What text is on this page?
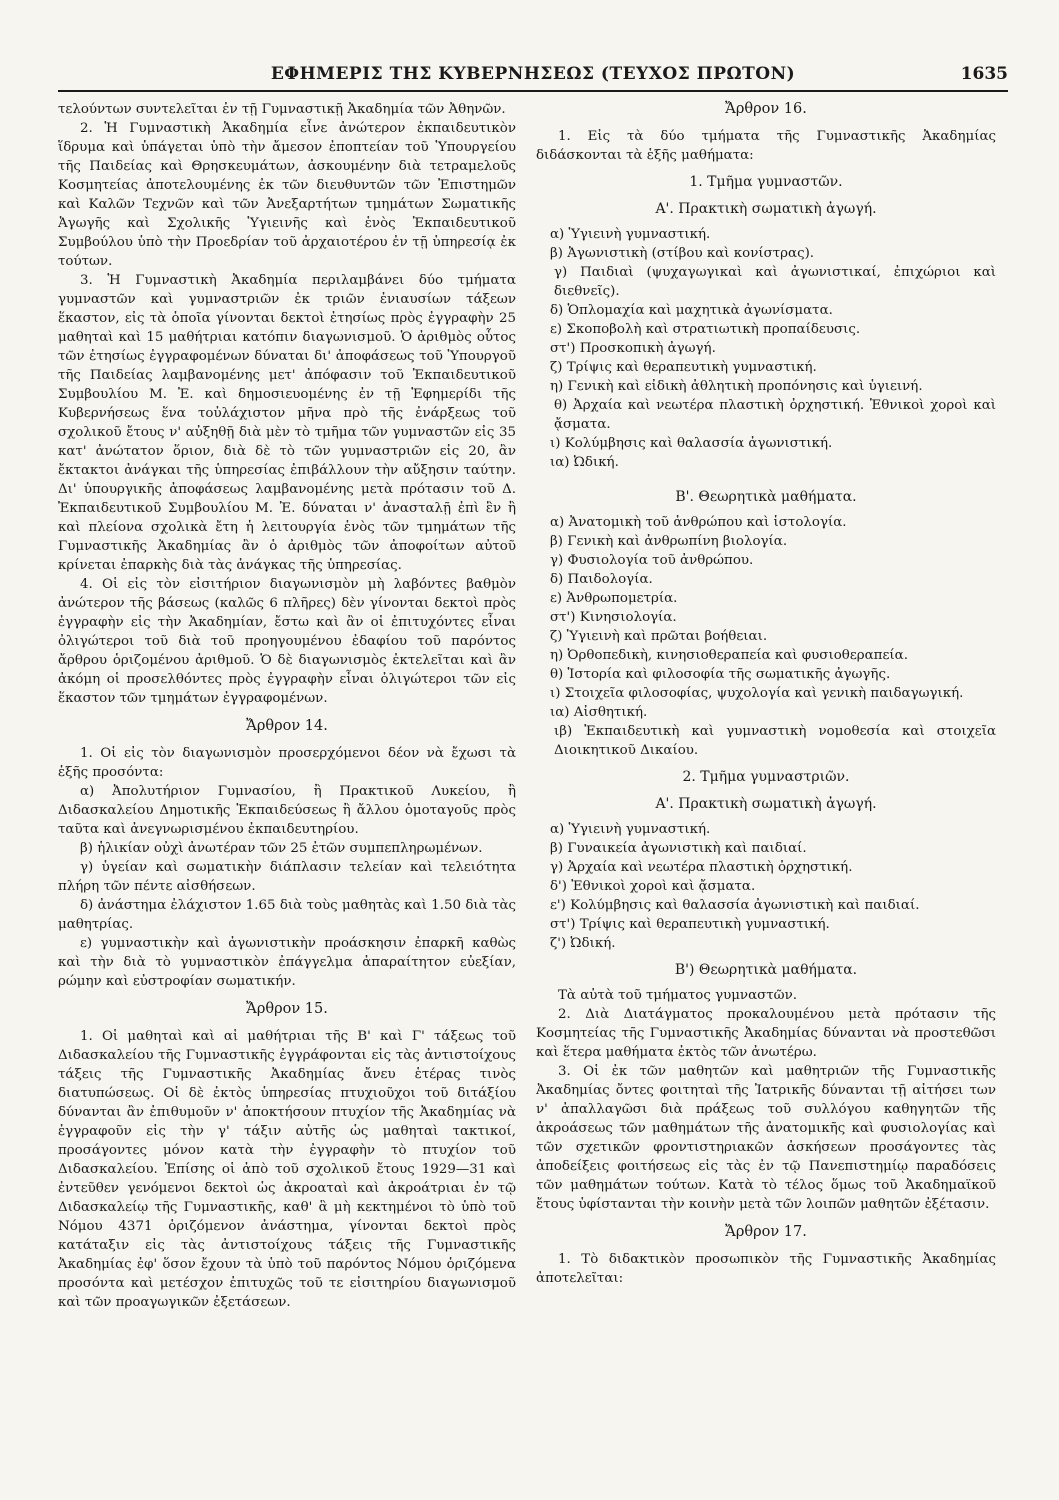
ΕΦΗΜΕΡΙΣ ΤΗΣ ΚΥΒΕΡΝΗΣΕΩΣ (ΤΕΥΧΟΣ ΠΡΩΤΟΝ)	1635

τελούντων συντελεῖται ἐν τῇ Γυμναστικῇ Ἀκαδημία τῶν Ἀθηνῶν.

2. Ἡ Γυμναστικὴ Ἀκαδημία εἶνε ἀνώτερον ἐκπαιδευτικὸν ἵδρυμα καὶ ὑπάγεται ὑπὸ τὴν ἄμεσον ἐποπτείαν τοῦ Ὑπουργείου τῆς Παιδείας καὶ Θρησκευμάτων, ἀσκουμένην διὰ τετραμελοῦς Κοσμητείας ἀποτελουμένης ἐκ τῶν διευθυντῶν τῶν Ἐπιστημῶν καὶ Καλῶν Τεχνῶν καὶ τῶν Ἀνεξαρτήτων τμημάτων Σωματικῆς Ἀγωγῆς καὶ Σχολικῆς Ὑγιεινῆς καὶ ἑνὸς Ἐκπαιδευτικοῦ Συμβούλου ὑπὸ τὴν Προεδρίαν τοῦ ἀρχαιοτέρου ἐν τῇ ὑπηρεσίᾳ ἐκ τούτων.

3. Ἡ Γυμναστικὴ Ἀκαδημία περιλαμβάνει δύο τμήματα γυμναστῶν καὶ γυμναστριῶν ἐκ τριῶν ἐνιαυσίων τάξεων ἕκαστον, εἰς τὰ ὁποῖα γίνονται δεκτοὶ ἐτησίως πρὸς ἐγγραφὴν 25 μαθηταὶ καὶ 15 μαθήτριαι κατόπιν διαγωνισμοῦ. Ὁ ἀριθμὸς οὗτος τῶν ἐτησίως ἐγγραφομένων δύναται δι' ἀποφάσεως τοῦ Ὑπουργοῦ τῆς Παιδείας λαμβανομένης μετ' ἀπόφασιν τοῦ Ἐκπαιδευτικοῦ Συμβουλίου Μ. Ἐ. καὶ δημοσιευομένης ἐν τῇ Ἐφημερίδι τῆς Κυβερνήσεως ἕνα τοὐλάχιστον μῆνα πρὸ τῆς ἐνάρξεως τοῦ σχολικοῦ ἔτους ν' αὐξηθῇ διὰ μὲν τὸ τμῆμα τῶν γυμναστῶν εἰς 35 κατ' ἀνώτατον ὅριον, διὰ δὲ τὸ τῶν γυμναστριῶν εἰς 20, ἂν ἔκτακτοι ἀνάγκαι τῆς ὑπηρεσίας ἐπιβάλλουν τὴν αὔξησιν ταύτην. Δι' ὑπουργικῆς ἀποφάσεως λαμβανομένης μετὰ πρότασιν τοῦ Δ. Ἐκπαιδευτικοῦ Συμβουλίου Μ. Ἐ. δύναται ν' ἀνασταλῇ ἐπὶ ἓν ἢ καὶ πλείονα σχολικὰ ἔτη ἡ λειτουργία ἑνὸς τῶν τμημάτων τῆς Γυμναστικῆς Ἀκαδημίας ἂν ὁ ἀριθμὸς τῶν ἀποφοίτων αὐτοῦ κρίνεται ἐπαρκὴς διὰ τὰς ἀνάγκας τῆς ὑπηρεσίας.

4. Οἱ εἰς τὸν εἰσιτήριον διαγωνισμὸν μὴ λαβόντες βαθμὸν ἀνώτερον τῆς βάσεως (καλῶς 6 πλῆρες) δὲν γίνονται δεκτοὶ πρὸς ἐγγραφὴν εἰς τὴν Ἀκαδημίαν, ἔστω καὶ ἂν οἱ ἐπιτυχόντες εἶναι ὀλιγώτεροι τοῦ διὰ τοῦ προηγουμένου ἐδαφίου τοῦ παρόντος ἄρθρου ὁριζομένου ἀριθμοῦ. Ὁ δὲ διαγωνισμὸς ἐκτελεῖται καὶ ἂν ἀκόμη οἱ προσελθόντες πρὸς ἐγγραφὴν εἶναι ὀλιγώτεροι τῶν εἰς ἕκαστον τῶν τμημάτων ἐγγραφομένων.

Ἄρθρον 14.

1. Οἱ εἰς τὸν διαγωνισμὸν προσερχόμενοι δέον νὰ ἔχωσι τὰ ἑξῆς προσόντα:

α) Ἀπολυτήριον Γυμνασίου, ἢ Πρακτικοῦ Λυκείου, ἢ Διδασκαλείου Δημοτικῆς Ἐκπαιδεύσεως ἢ ἄλλου ὁμοταγοῦς πρὸς ταῦτα καὶ ἀνεγνωρισμένου ἐκπαιδευτηρίου.

β) ἡλικίαν οὐχὶ ἀνωτέραν τῶν 25 ἐτῶν συμπεπληρωμένων.

γ) ὑγείαν καὶ σωματικὴν διάπλασιν τελείαν καὶ τελειότητα πλήρη τῶν πέντε αἰσθήσεων.

δ) ἀνάστημα ἐλάχιστον 1.65 διὰ τοὺς μαθητὰς καὶ 1.50 διὰ τὰς μαθητρίας.

ε) γυμναστικὴν καὶ ἀγωνιστικὴν προάσκησιν ἐπαρκῆ καθὼς καὶ τὴν διὰ τὸ γυμναστικὸν ἐπάγγελμα ἀπαραίτητον εὐεξίαν, ρώμην καὶ εὐστροφίαν σωματικήν.

Ἄρθρον 15.

1. Οἱ μαθηταὶ καὶ αἱ μαθήτριαι τῆς Β' καὶ Γ' τάξεως τοῦ Διδασκαλείου τῆς Γυμναστικῆς ἐγγράφονται εἰς τὰς ἀντιστοίχους τάξεις τῆς Γυμναστικῆς Ἀκαδημίας ἄνευ ἑτέρας τινὸς διατυπώσεως. Οἱ δὲ ἐκτὸς ὑπηρεσίας πτυχιοῦχοι τοῦ διτάξίου δύνανται ἂν ἐπιθυμοῦν ν' ἀποκτήσουν πτυχίον τῆς Ἀκαδημίας νὰ ἐγγραφοῦν εἰς τὴν γ' τάξιν αὐτῆς ὡς μαθηταὶ τακτικοί, προσάγοντες μόνον κατὰ τὴν ἐγγραφὴν τὸ πτυχίον τοῦ Διδασκαλείου. Ἐπίσης οἱ ἀπὸ τοῦ σχολικοῦ ἔτους 1929—31 καὶ ἐντεῦθεν γενόμενοι δεκτοὶ ὡς ἀκροαταὶ καὶ ἀκροάτριαι ἐν τῷ Διδασκαλείῳ τῆς Γυμναστικῆς, καθ' ἃ μὴ κεκτημένοι τὸ ὑπὸ τοῦ Νόμου 4371 ὁριζόμενον ἀνάστημα, γίνονται δεκτοὶ πρὸς κατάταξιν εἰς τὰς ἀντιστοίχους τάξεις τῆς Γυμναστικῆς Ἀκαδημίας ἐφ' ὅσον ἔχουν τὰ ὑπὸ τοῦ παρόντος Νόμου ὁριζόμενα προσόντα καὶ μετέσχον ἐπιτυχῶς τοῦ τε εἰσιτηρίου διαγωνισμοῦ καὶ τῶν προαγωγικῶν ἐξετάσεων.

Ἄρθρον 16.

1. Εἰς τὰ δύο τμήματα τῆς Γυμναστικῆς Ἀκαδημίας διδάσκονται τὰ ἑξῆς μαθήματα:

1. Τμῆμα γυμναστῶν.
Α'. Πρακτικὴ σωματικὴ ἀγωγή.

α) Ὑγιεινὴ γυμναστική.

β) Ἀγωνιστικὴ (στίβου καὶ κονίστρας).

γ) Παιδιαὶ (ψυχαγωγικαὶ καὶ ἀγωνιστικαί, ἐπιχώριοι καὶ διεθνεῖς).

δ) Ὁπλομαχία καὶ μαχητικὰ ἀγωνίσματα.

ε) Σκοποβολὴ καὶ στρατιωτικὴ προπαίδευσις.

στ') Προσκοπικὴ ἀγωγή.

ζ) Τρίψις καὶ θεραπευτικὴ γυμναστική.

η) Γενικὴ καὶ εἰδικὴ ἀθλητικὴ προπόνησις καὶ ὑγιεινή.

θ) Ἀρχαία καὶ νεωτέρα πλαστικὴ ὀρχηστική. Ἐθνικοὶ χοροὶ καὶ ᾄσματα.

ι) Κολύμβησις καὶ θαλασσία ἀγωνιστική.

ια) Ὠδική.

Β'. Θεωρητικὰ μαθήματα.

α) Ἀνατομικὴ τοῦ ἀνθρώπου καὶ ἱστολογία.

β) Γενικὴ καὶ ἀνθρωπίνη βιολογία.

γ) Φυσιολογία τοῦ ἀνθρώπου.

δ) Παιδολογία.

ε) Ἀνθρωπομετρία.

στ') Κινησιολογία.

ζ) Ὑγιεινὴ καὶ πρῶται βοήθειαι.

η) Ὀρθοπεδικὴ, κινησιοθεραπεία καὶ φυσιοθεραπεία.

θ) Ἱστορία καὶ φιλοσοφία τῆς σωματικῆς ἀγωγῆς.

ι) Στοιχεῖα φιλοσοφίας, ψυχολογία καὶ γενικὴ παιδαγωγική.

ια) Αἰσθητική.

ιβ) Ἐκπαιδευτικὴ καὶ γυμναστικὴ νομοθεσία καὶ στοιχεῖα Διοικητικοῦ Δικαίου.

2. Τμῆμα γυμναστριῶν.
Α'. Πρακτικὴ σωματικὴ ἀγωγή.

α) Ὑγιεινὴ γυμναστική.

β) Γυναικεία ἀγωνιστικὴ καὶ παιδιαί.

γ) Ἀρχαία καὶ νεωτέρα πλαστικὴ ὀρχηστική.

δ') Ἐθνικοὶ χοροὶ καὶ ᾄσματα.

ε') Κολύμβησις καὶ θαλασσία ἀγωνιστικὴ καὶ παιδιαί.

στ') Τρίψις καὶ θεραπευτικὴ γυμναστική.

ζ') Ὠδική.

Β') Θεωρητικὰ μαθήματα.

Τὰ αὐτὰ τοῦ τμήματος γυμναστῶν.

2. Διὰ Διατάγματος προκαλουμένου μετὰ πρότασιν τῆς Κοσμητείας τῆς Γυμναστικῆς Ἀκαδημίας δύνανται νὰ προστεθῶσι καὶ ἕτερα μαθήματα ἐκτὸς τῶν ἀνωτέρω.

3. Οἱ ἐκ τῶν μαθητῶν καὶ μαθητριῶν τῆς Γυμναστικῆς Ἀκαδημίας ὄντες φοιτηταὶ τῆς Ἰατρικῆς δύνανται τῇ αἰτήσει των ν' ἀπαλλαγῶσι διὰ πράξεως τοῦ συλλόγου καθηγητῶν τῆς ἀκροάσεως τῶν μαθημάτων τῆς ἀνατομικῆς καὶ φυσιολογίας καὶ τῶν σχετικῶν φροντιστηριακῶν ἀσκήσεων προσάγοντες τὰς ἀποδείξεις φοιτήσεως εἰς τὰς ἐν τῷ Πανεπιστημίῳ παραδόσεις τῶν μαθημάτων τούτων. Κατὰ τὸ τέλος ὅμως τοῦ Ἀκαδημαϊκοῦ ἔτους ὑφίστανται τὴν κοινὴν μετὰ τῶν λοιπῶν μαθητῶν ἐξέτασιν.

Ἄρθρον 17.

1. Τὸ διδακτικὸν προσωπικὸν τῆς Γυμναστικῆς Ἀκαδημίας ἀποτελεῖται:
